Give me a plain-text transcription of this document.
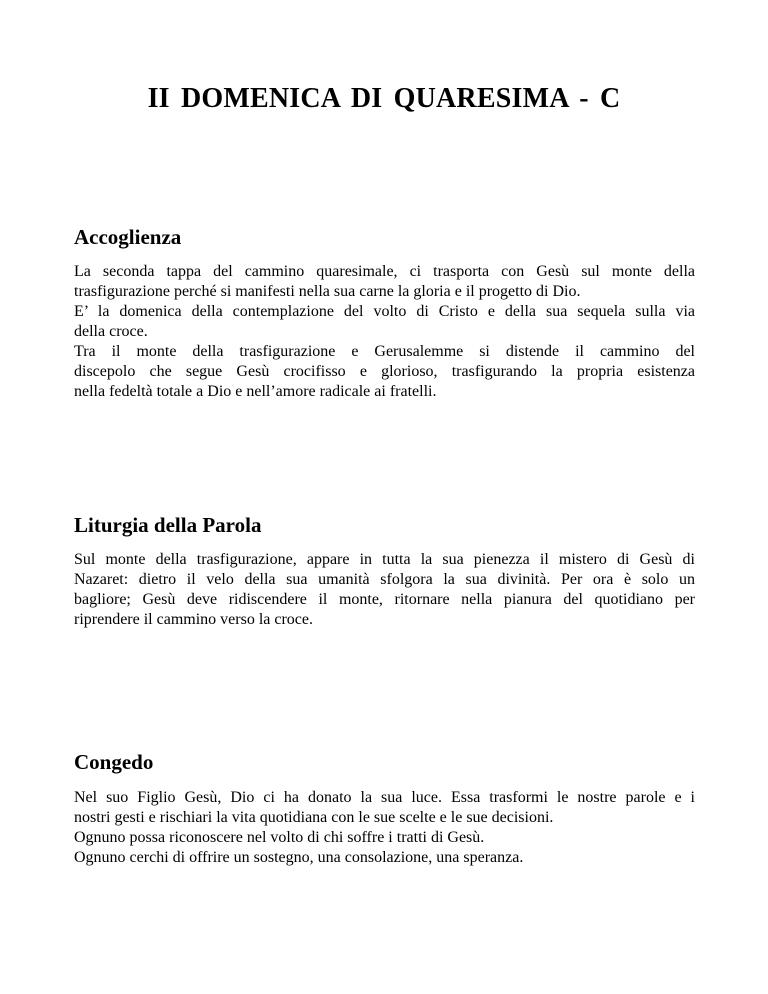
II DOMENICA DI QUARESIMA - C
Accoglienza
La seconda tappa del cammino quaresimale, ci trasporta con Gesù sul monte della
trasfigurazione perché si manifesti nella sua carne la gloria e il progetto di Dio.
E’ la domenica della contemplazione del volto di Cristo e della sua sequela sulla via
della croce.
Tra il monte della trasfigurazione e Gerusalemme si distende il cammino del
discepolo che segue Gesù crocifisso e glorioso, trasfigurando la propria esistenza
nella fedeltà totale a Dio e nell’amore radicale ai fratelli.
Liturgia della Parola
Sul monte della trasfigurazione, appare in tutta la sua pienezza il mistero di Gesù di
Nazaret: dietro il velo della sua umanità sfolgora la sua divinità. Per ora è solo un
bagliore; Gesù deve ridiscendere il monte, ritornare nella pianura del quotidiano per
riprendere il cammino verso la croce.
Congedo
Nel suo Figlio Gesù, Dio ci ha donato la sua luce. Essa trasformi le nostre parole e i
nostri gesti e rischiari la vita quotidiana con le sue scelte e le sue decisioni.
Ognuno possa riconoscere nel volto di chi soffre i tratti di Gesù.
Ognuno cerchi di offrire un sostegno, una consolazione, una speranza.
